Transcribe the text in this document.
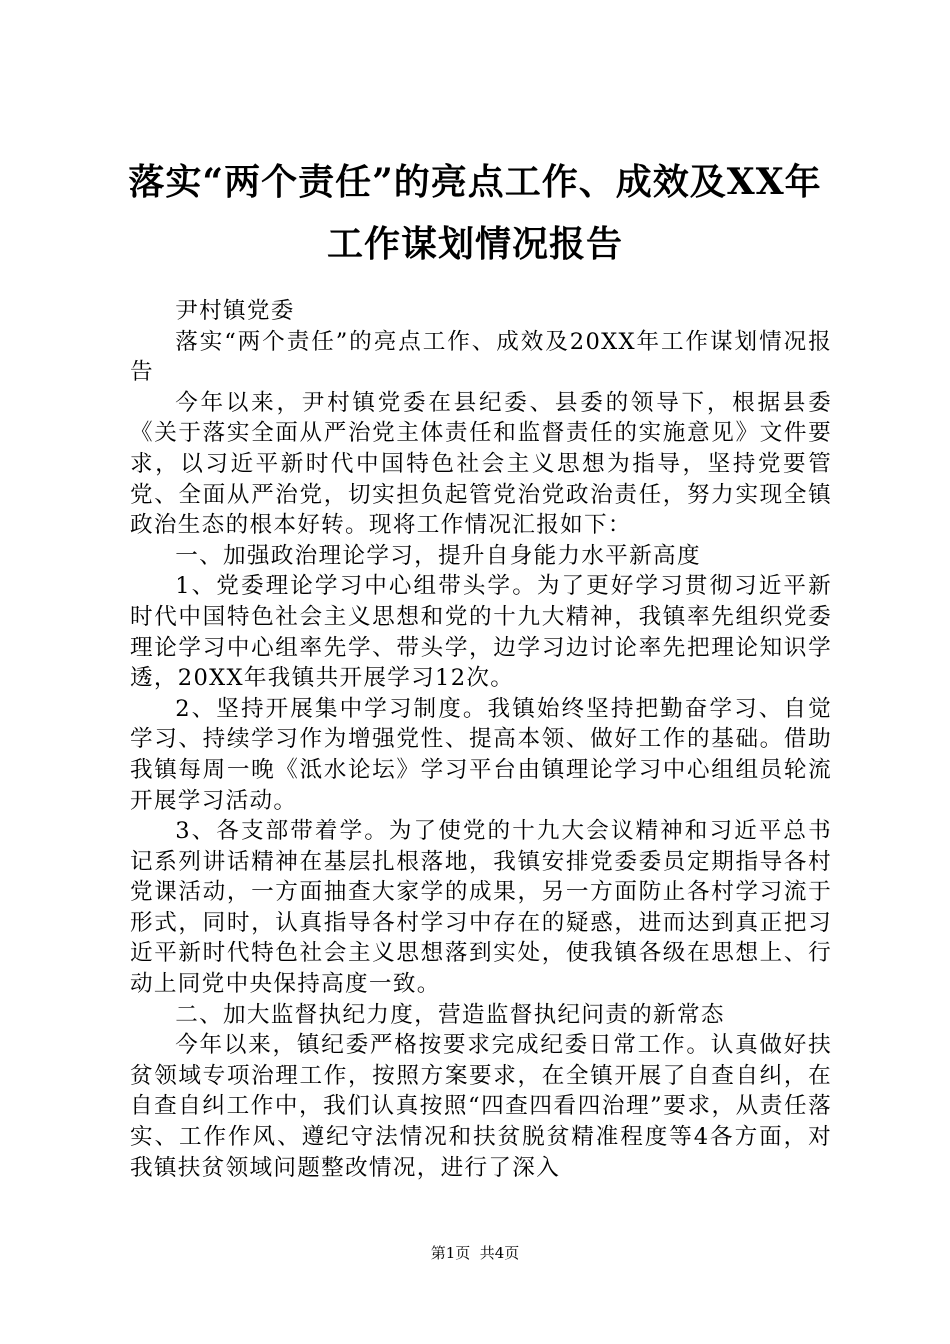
落实“两个责任”的亮点工作、成效及XX年
工作谋划情况报告

尹村镇党委

落实“两个责任”的亮点工作、成效及20XX年工作谋划情况报告

今年以来，尹村镇党委在县纪委、县委的领导下，根据县委《关于落实全面从严治党主体责任和监督责任的实施意见》文件要求，以习近平新时代中国特色社会主义思想为指导，坚持党要管党、全面从严治党，切实担负起管党治党政治责任，努力实现全镇政治生态的根本好转。现将工作情况汇报如下：

一、加强政治理论学习，提升自身能力水平新高度

1、党委理论学习中心组带头学。为了更好学习贯彻习近平新时代中国特色社会主义思想和党的十九大精神，我镇率先组织党委理论学习中心组率先学、带头学，边学习边讨论率先把理论知识学透，20XX年我镇共开展学习12次。

2、坚持开展集中学习制度。我镇始终坚持把勤奋学习、自觉学习、持续学习作为增强党性、提高本领、做好工作的基础。借助我镇每周一晚《泜水论坛》学习平台由镇理论学习中心组组员轮流开展学习活动。

3、各支部带着学。为了使党的十九大会议精神和习近平总书记系列讲话精神在基层扎根落地，我镇安排党委委员定期指导各村党课活动，一方面抽查大家学的成果，另一方面防止各村学习流于形式，同时，认真指导各村学习中存在的疑惑，进而达到真正把习近平新时代特色社会主义思想落到实处，使我镇各级在思想上、行动上同党中央保持高度一致。

二、加大监督执纪力度，营造监督执纪问责的新常态

今年以来，镇纪委严格按要求完成纪委日常工作。认真做好扶贫领域专项治理工作，按照方案要求，在全镇开展了自查自纠，在自查自纠工作中，我们认真按照“四查四看四治理”要求，从责任落实、工作作风、遵纪守法情况和扶贫脱贫精准程度等4各方面，对我镇扶贫领域问题整改情况，进行了深入

第1页  共4页
